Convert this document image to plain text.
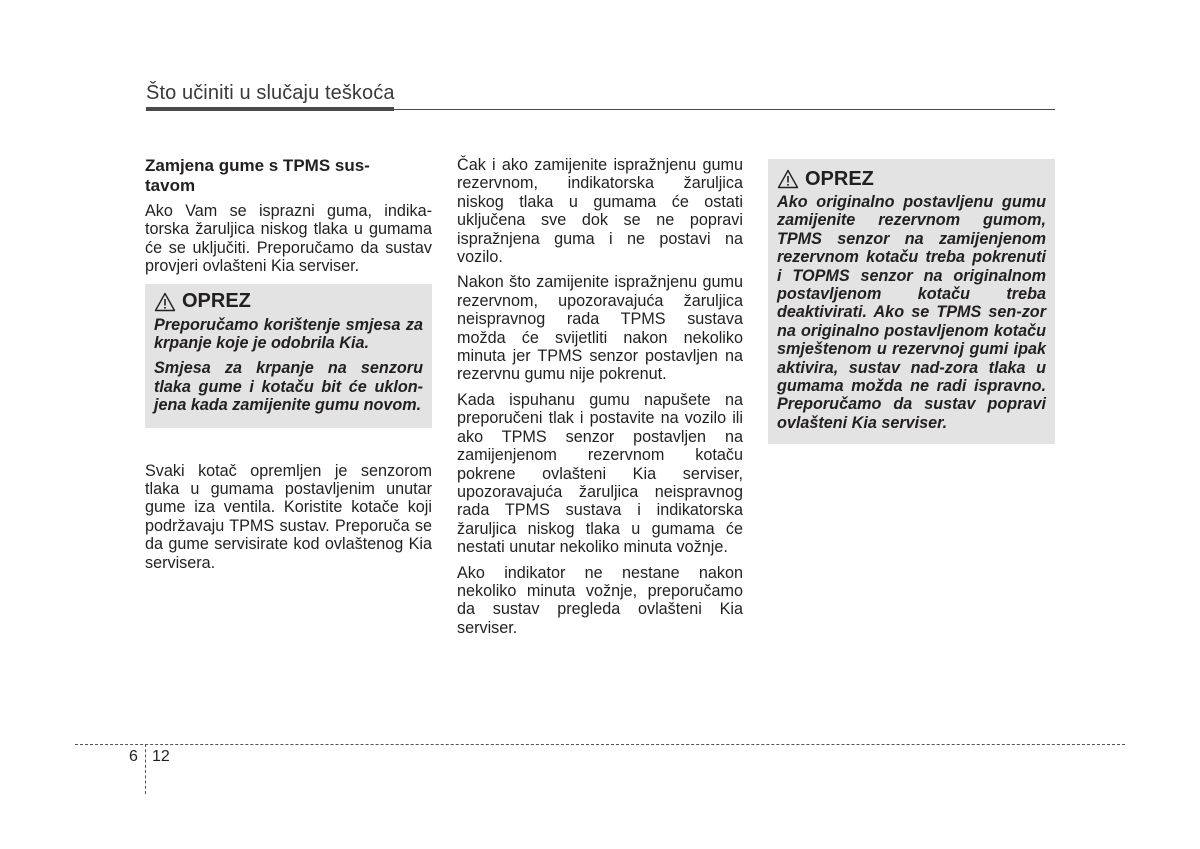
Što učiniti u slučaju teškoća
Zamjena gume s TPMS sus-tavom

Ako Vam se isprazni guma, indika-torska žaruljica niskog tlaka u gumama će se uključiti. Preporučamo da sustav provjeri ovlašteni Kia serviser.

OPREZ

Preporučamo korištenje smjesa za krpanje koje je odobrila Kia.

Smjesa za krpanje na senzoru tlaka gume i kotaču bit će uklon-jena kada zamijenite gumu novom.

Svaki kotač opremljen je senzorom tlaka u gumama postavljenim unutar gume iza ventila. Koristite kotače koji podržavaju TPMS sustav. Preporuča se da gume servisirate kod ovlaštenog Kia servisera.

Čak i ako zamijenite ispražnjenu gumu rezervnom, indikatorska žaruljica niskog tlaka u gumama će ostati uključena sve dok se ne popravi ispražnjena guma i ne postavi na vozilo.

Nakon što zamijenite ispražnjenu gumu rezervnom, upozoravajuća žaruljica neispravnog rada TPMS sustava možda će svijetliti nakon nekoliko minuta jer TPMS senzor postavljen na rezervnu gumu nije pokrenut.

Kada ispuhanu gumu napušete na preporučeni tlak i postavite na vozilo ili ako TPMS senzor postavljen na zamijenjenom rezervnom kotaču pokrene ovlašteni Kia serviser, upozoravajuća žaruljica neispravnog rada TPMS sustava i indikatorska žaruljica niskog tlaka u gumama će nestati unutar nekoliko minuta vožnje.

Ako indikator ne nestane nakon nekoliko minuta vožnje, preporučamo da sustav pregleda ovlašteni Kia serviser.

OPREZ

Ako originalno postavljenu gumu zamijenite rezervnom gumom, TPMS senzor na zamijenjenom rezervnom kotaču treba pokrenuti i TOPMS senzor na originalnom postavljenom kotaču treba deaktivirati. Ako se TPMS sen-zor na originalno postavljenom kotaču smještenom u rezervnoj gumi ipak aktivira, sustav nad-zora tlaka u gumama možda ne radi ispravno. Preporučamo da sustav popravi ovlašteni Kia serviser.

6 12
